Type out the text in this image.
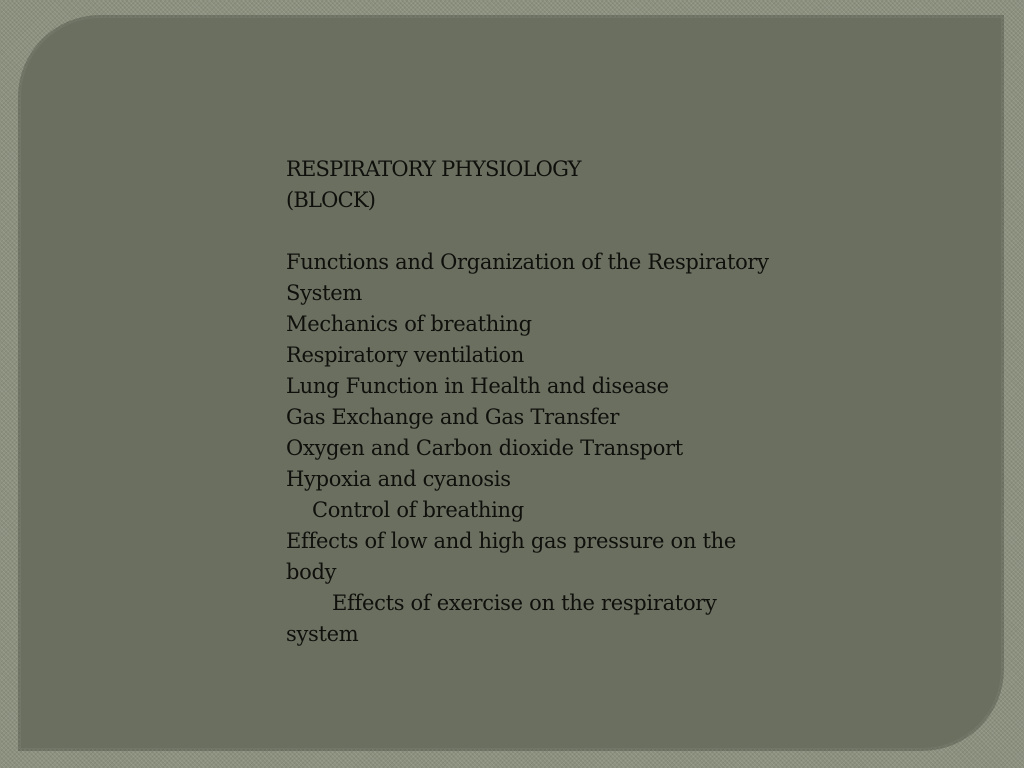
RESPIRATORY PHYSIOLOGY
(BLOCK)
Functions and Organization of the Respiratory
System
Mechanics of breathing
Respiratory ventilation
Lung Function in Health and disease
Gas Exchange and Gas Transfer
Oxygen and Carbon dioxide Transport
Hypoxia and cyanosis
Control of breathing
Effects of low and high gas pressure on the
body
Effects of exercise on the respiratory
system
